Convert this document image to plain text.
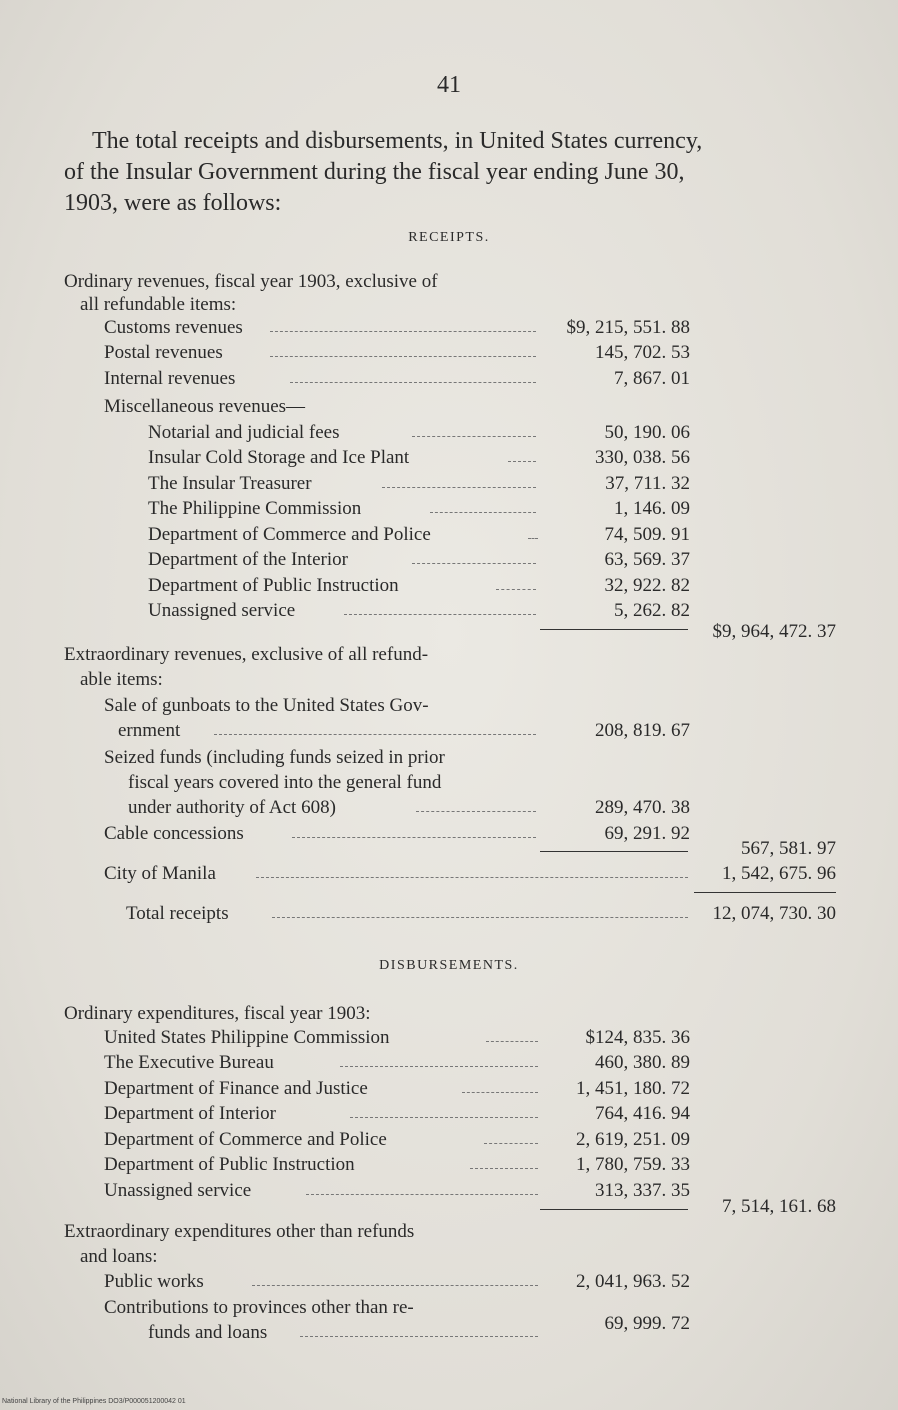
41
The total receipts and disbursements, in United States currency,
of the Insular Government during the fiscal year ending June 30,
1903, were as follows:
RECEIPTS.
Ordinary revenues, fiscal year 1903, exclusive of
all refundable items:
Customs revenues	$9, 215, 551. 88
Postal revenues	145, 702. 53
Internal revenues	7, 867. 01
Miscellaneous revenues—
Notarial and judicial fees	50, 190. 06
Insular Cold Storage and Ice Plant	330, 038. 56
The Insular Treasurer	37, 711. 32
The Philippine Commission	1, 146. 09
Department of Commerce and Police	74, 509. 91
Department of the Interior	63, 569. 37
Department of Public Instruction	32, 922. 82
Unassigned service	5, 262. 82
$9, 964, 472. 37
Extraordinary revenues, exclusive of all refund-
able items:
Sale of gunboats to the United States Gov-
ernment	208, 819. 67
Seized funds (including funds seized in prior
fiscal years covered into the general fund
under authority of Act 608)	289, 470. 38
Cable concessions	69, 291. 92
567, 581. 97
City of Manila	1, 542, 675. 96
Total receipts	12, 074, 730. 30
DISBURSEMENTS.
Ordinary expenditures, fiscal year 1903:
United States Philippine Commission	$124, 835. 36
The Executive Bureau	460, 380. 89
Department of Finance and Justice	1, 451, 180. 72
Department of Interior	764, 416. 94
Department of Commerce and Police	2, 619, 251. 09
Department of Public Instruction	1, 780, 759. 33
Unassigned service	313, 337. 35
7, 514, 161. 68
Extraordinary expenditures other than refunds
and loans:
Public works	2, 041, 963. 52
Contributions to provinces other than re-
funds and loans	69, 999. 72
National Library of the Philippines DO3/P000051200042 01
